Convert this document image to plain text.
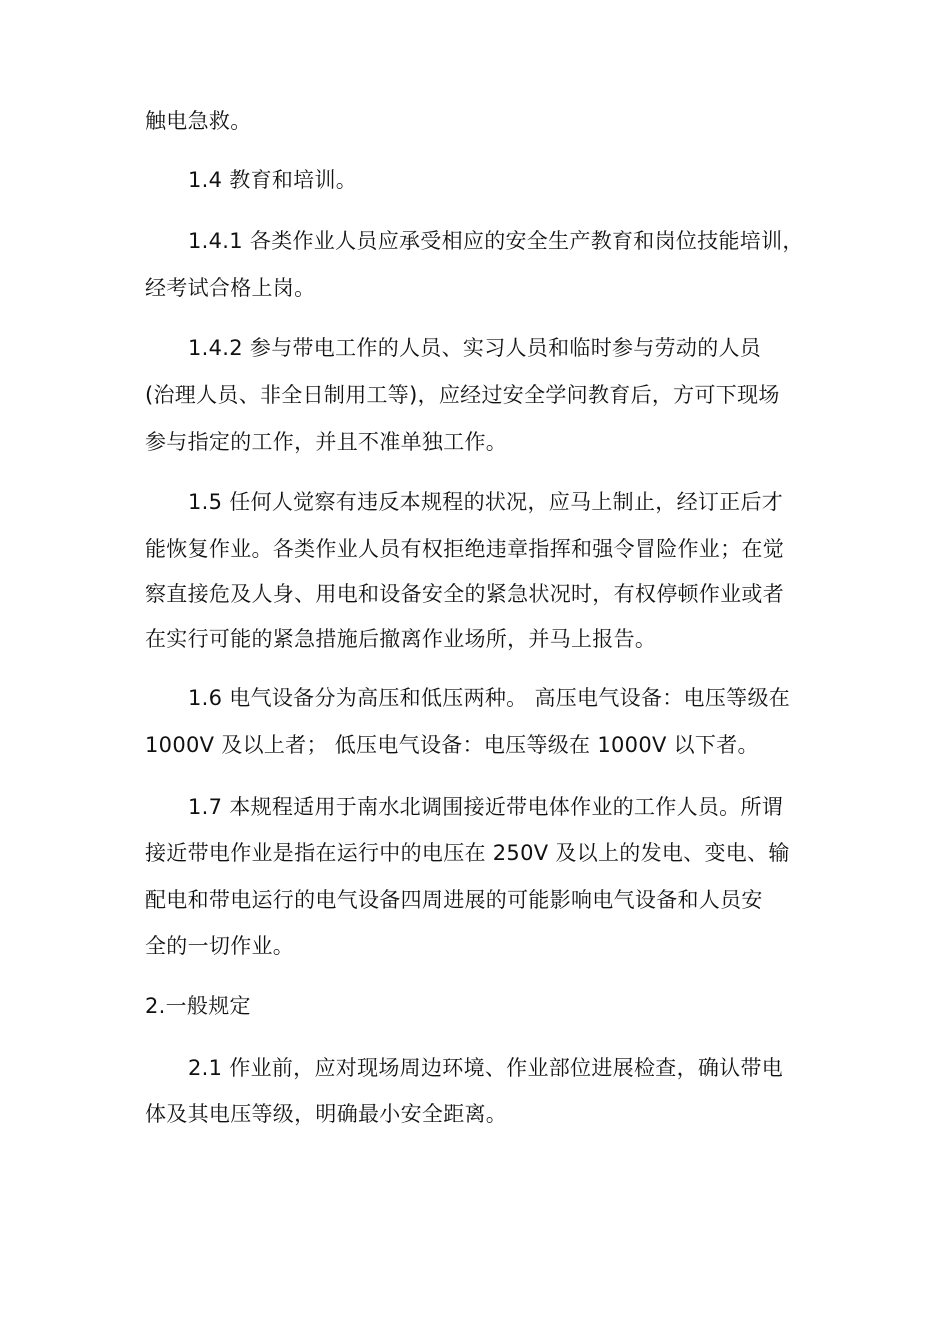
触电急救。
1.4 教育和培训。
1.4.1 各类作业人员应承受相应的安全生产教育和岗位技能培训，
经考试合格上岗。
1.4.2 参与带电工作的人员、实习人员和临时参与劳动的人员
(治理人员、非全日制用工等)，应经过安全学问教育后，方可下现场
参与指定的工作，并且不准单独工作。
1.5 任何人觉察有违反本规程的状况，应马上制止，经订正后才
能恢复作业。各类作业人员有权拒绝违章指挥和强令冒险作业；在觉
察直接危及人身、用电和设备安全的紧急状况时，有权停顿作业或者
在实行可能的紧急措施后撤离作业场所，并马上报告。
1.6 电气设备分为高压和低压两种。 高压电气设备：电压等级在
1000V 及以上者； 低压电气设备：电压等级在 1000V 以下者。
1.7 本规程适用于南水北调围接近带电体作业的工作人员。所谓
接近带电作业是指在运行中的电压在 250V 及以上的发电、变电、输
配电和带电运行的电气设备四周进展的可能影响电气设备和人员安
全的一切作业。
2.一般规定
2.1 作业前，应对现场周边环境、作业部位进展检查，确认带电
体及其电压等级，明确最小安全距离。
